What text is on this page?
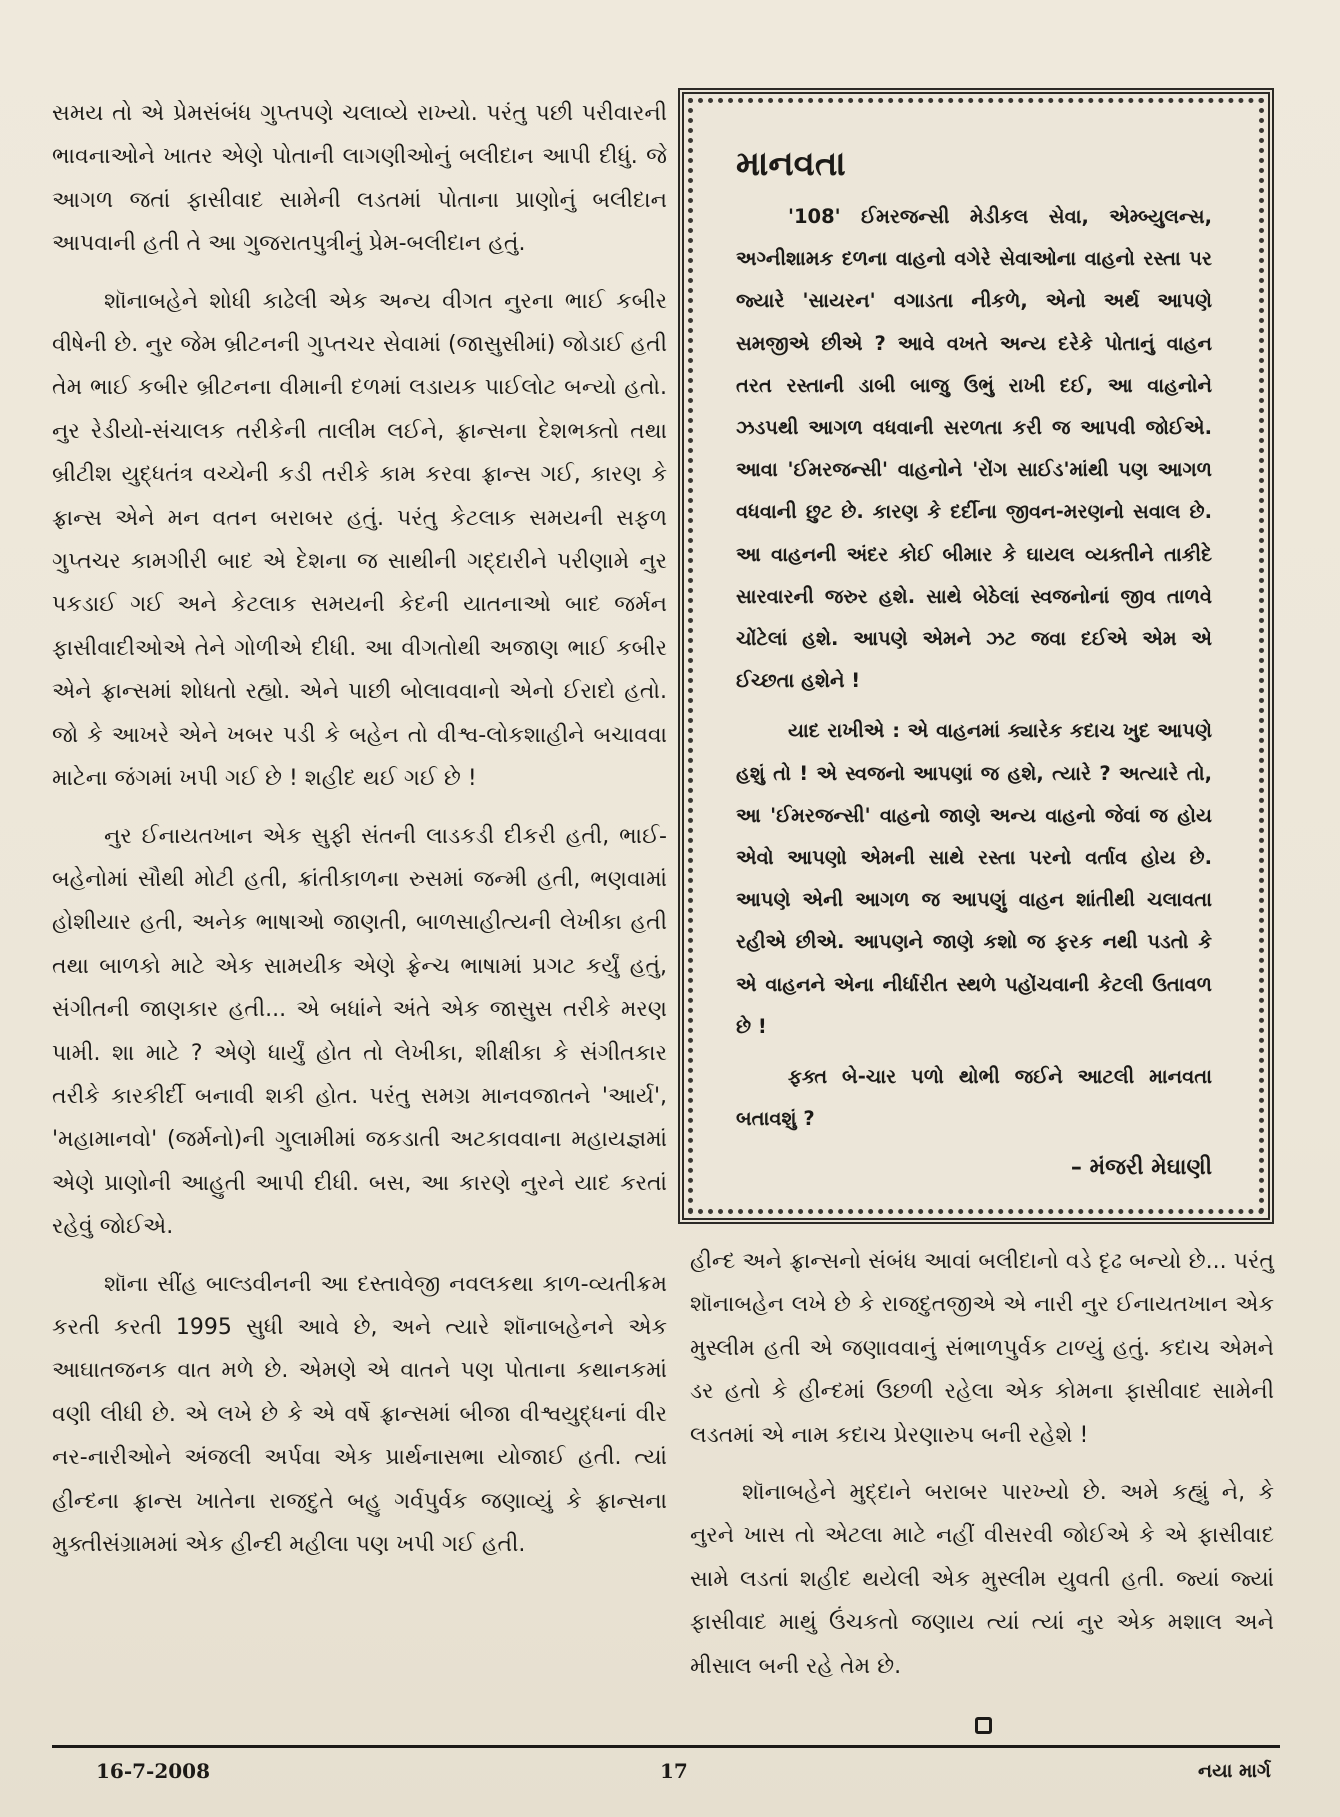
સમય તો એ પ્રેમસંબંધ ગુપ્તપણે ચલાવ્યે રાખ્યો. પરંતુ પછી પરીવારની ભાવનાઓને ખાતર એણે પોતાની લાગણીઓનું બલીદાન આપી દીધું. જે આગળ જતાં ફાસીવાદ સામેની લડતમાં પોતાના પ્રાણોનું બલીદાન આપવાની હતી તે આ ગુજરાતપુત્રીનું પ્રેમ-બલીદાન હતું.

શૉનાબહેને શોધી કાઢેલી એક અન્ય વીગત નુરના ભાઈ કબીર વીષેની છે. નુર જેમ બ્રીટનની ગુપ્તચર સેવામાં (જાસુસીમાં) જોડાઈ હતી તેમ ભાઈ કબીર બ્રીટનના વીમાની દળમાં લડાયક પાઈલોટ બન્યો હતો. નુર રેડીયો-સંચાલક તરીકેની તાલીમ લઈને, ફ્રાન્સના દેશભક્તો તથા બ્રીટીશ યુદ્ધતંત્ર વચ્ચેની કડી તરીકે કામ કરવા ફ્રાન્સ ગઈ, કારણ કે ફ્રાન્સ એને મન વતન બરાબર હતું. પરંતુ કેટલાક સમયની સફળ ગુપ્તચર કામગીરી બાદ એ દેશના જ સાથીની ગદ્દારીને પરીણામે નુર પકડાઈ ગઈ અને કેટલાક સમયની કેદની યાતનાઓ બાદ જર્મન ફાસીવાદીઓએ તેને ગોળીએ દીધી. આ વીગતોથી અજાણ ભાઈ કબીર એને ફ્રાન્સમાં શોધતો રહ્યો. એને પાછી બોલાવવાનો એનો ઈરાદો હતો. જો કે આખરે એને ખબર પડી કે બહેન તો વીશ્વ-લોકશાહીને બચાવવા માટેના જંગમાં ખપી ગઈ છે ! શહીદ થઈ ગઈ છે !

નુર ઈનાયતખાન એક સુફી સંતની લાડકડી દીકરી હતી, ભાઈ-બહેનોમાં સૌથી મોટી હતી, ક્રાંતીકાળના રુસમાં જન્મી હતી, ભણવામાં હોશીયાર હતી, અનેક ભાષાઓ જાણતી, બાળસાહીત્યની લેખીકા હતી તથા બાળકો માટે એક સામયીક એણે ફ્રેન્ચ ભાષામાં પ્રગટ કર્યું હતું, સંગીતની જાણકાર હતી... એ બધાંને અંતે એક જાસુસ તરીકે મરણ પામી. શા માટે ? એણે ધાર્યું હોત તો લેખીકા, શીક્ષીકા કે સંગીતકાર તરીકે કારકીર્દી બનાવી શકી હોત. પરંતુ સમગ્ર માનવજાતને 'આર્ય', 'મહામાનવો' (જર્મનો)ની ગુલામીમાં જકડાતી અટકાવવાના મહાયજ્ઞમાં એણે પ્રાણોની આહુતી આપી દીધી. બસ, આ કારણે નુરને યાદ કરતાં રહેવું જોઈએ.

શૉના સીંહ બાલ્ડવીનની આ દસ્તાવેજી નવલકથા કાળ-વ્યતીક્રમ કરતી કરતી 1995 સુધી આવે છે, અને ત્યારે શૉનાબહેનને એક આઘાતજનક વાત મળે છે. એમણે એ વાતને પણ પોતાના કથાનકમાં વણી લીધી છે. એ લખે છે કે એ વર્ષે ફ્રાન્સમાં બીજા વીશ્વયુદ્ધનાં વીર નર-નારીઓને અંજલી અર્પવા એક પ્રાર્થનાસભા યોજાઈ હતી. ત્યાં હીન્દના ફ્રાન્સ ખાતેના રાજદુતે બહુ ગર્વપુર્વક જણાવ્યું કે ફ્રાન્સના મુક્તીસંગ્રામમાં એક હીન્દી મહીલા પણ ખપી ગઈ હતી.

માનવતા

'108' ઈમરજન્સી મેડીકલ સેવા, એમ્બ્યુલન્સ, અગ્નીશામક દળના વાહનો વગેરે સેવાઓના વાહનો રસ્તા પર જ્યારે 'સાયરન' વગાડતા નીકળે, એનો અર્થ આપણે સમજીએ છીએ ? આવે વખતે અન્ય દરેકે પોતાનું વાહન તરત રસ્તાની ડાબી બાજુ ઉભું રાખી દઈ, આ વાહનોને ઝડપથી આગળ વધવાની સરળતા કરી જ આપવી જોઈએ. આવા 'ઈમરજન્સી' વાહનોને 'રોંગ સાઈડ'માંથી પણ આગળ વધવાની છુટ છે. કારણ કે દર્દીના જીવન-મરણનો સવાલ છે. આ વાહનની અંદર કોઈ બીમાર કે ઘાયલ વ્યક્તીને તાકીદે સારવારની જરુર હશે. સાથે બેઠેલાં સ્વજનોનાં જીવ તાળવે ચોંટેલાં હશે. આપણે એમને ઝટ જવા દઈએ એમ એ ઈચ્છતા હશેને !

યાદ રાખીએ : એ વાહનમાં ક્યારેક કદાચ ખુદ આપણે હશું તો ! એ સ્વજનો આપણાં જ હશે, ત્યારે ? અત્યારે તો, આ 'ઈમરજન્સી' વાહનો જાણે અન્ય વાહનો જેવાં જ હોય એવો આપણો એમની સાથે રસ્તા પરનો વર્તાવ હોય છે. આપણે એની આગળ જ આપણું વાહન શાંતીથી ચલાવતા રહીએ છીએ. આપણને જાણે કશો જ ફરક નથી પડતો કે એ વાહનને એના નીર્ધારીત સ્થળે પહોંચવાની કેટલી ઉતાવળ છે !

ફક્ત બે-ચાર પળો થોભી જઈને આટલી માનવતા બતાવશું ?

– મંજરી મેઘાણી

હીન્દ અને ફ્રાન્સનો સંબંધ આવાં બલીદાનો વડે દૃઢ બન્યો છે... પરંતુ શૉનાબહેન લખે છે કે રાજદુતજીએ એ નારી નુર ઈનાયતખાન એક મુસ્લીમ હતી એ જણાવવાનું સંભાળપુર્વક ટાળ્યું હતું. કદાચ એમને ડર હતો કે હીન્દમાં ઉછળી રહેલા એક કોમના ફાસીવાદ સામેની લડતમાં એ નામ કદાચ પ્રેરણારુપ બની રહેશે !

શૉનાબહેને મુદ્દાને બરાબર પારખ્યો છે. અમે કહ્યું ને, કે નુરને ખાસ તો એટલા માટે નહીં વીસરવી જોઈએ કે એ ફાસીવાદ સામે લડતાં શહીદ થયેલી એક મુસ્લીમ યુવતી હતી. જ્યાં જ્યાં ફાસીવાદ માથું ઉંચકતો જણાય ત્યાં ત્યાં નુર એક મશાલ અને મીસાલ બની રહે તેમ છે.

16-7-2008	17	નયા માર્ગ
